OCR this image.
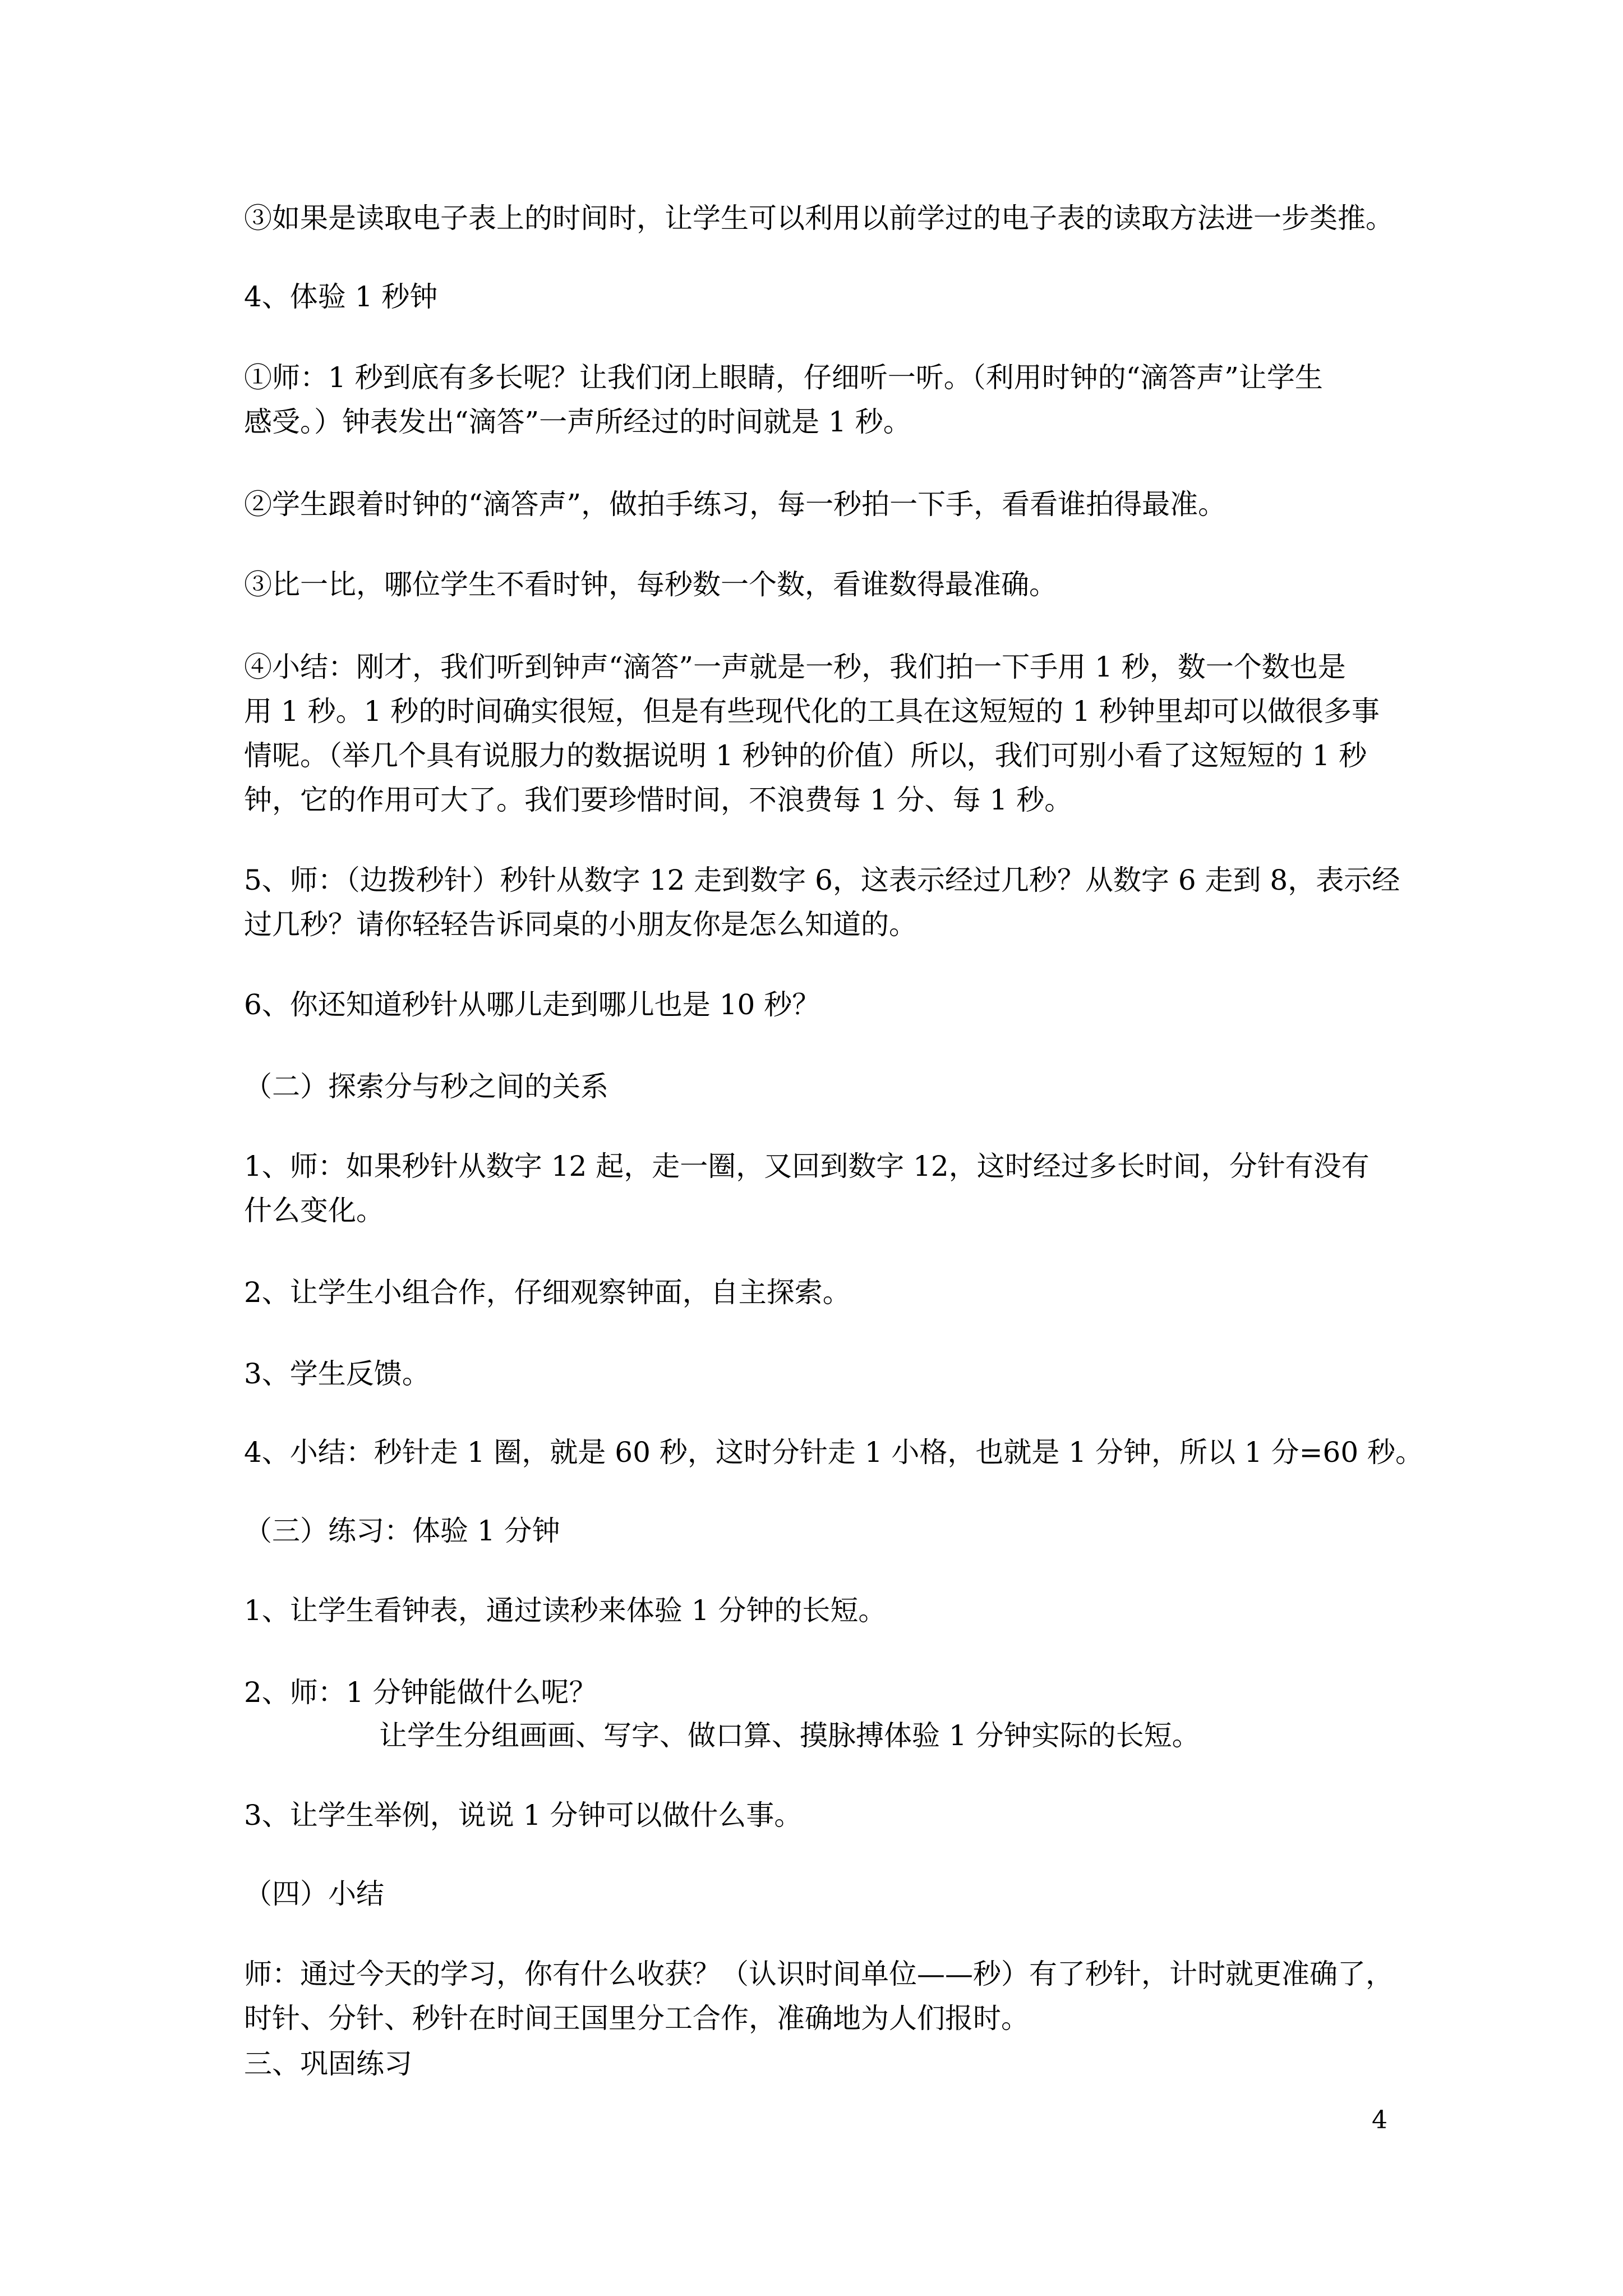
③如果是读取电子表上的时间时，让学生可以利用以前学过的电子表的读取方法进一步类推。

4、体验 1 秒钟

①师：1 秒到底有多长呢？让我们闭上眼睛，仔细听一听。（利用时钟的“滴答声”让学生
感受。）钟表发出“滴答”一声所经过的时间就是 1 秒。

②学生跟着时钟的“滴答声”，做拍手练习，每一秒拍一下手，看看谁拍得最准。

③比一比，哪位学生不看时钟，每秒数一个数，看谁数得最准确。

④小结：刚才，我们听到钟声“滴答”一声就是一秒，我们拍一下手用 1 秒，数一个数也是
用 1 秒。1 秒的时间确实很短，但是有些现代化的工具在这短短的 1 秒钟里却可以做很多事
情呢。（举几个具有说服力的数据说明 1 秒钟的价值）所以，我们可别小看了这短短的 1 秒
钟，它的作用可大了。我们要珍惜时间，不浪费每 1 分、每 1 秒。

5、师：（边拨秒针）秒针从数字 12 走到数字 6，这表示经过几秒？从数字 6 走到 8，表示经
过几秒？请你轻轻告诉同桌的小朋友你是怎么知道的。

6、你还知道秒针从哪儿走到哪儿也是 10 秒？

（二）探索分与秒之间的关系

1、师：如果秒针从数字 12 起，走一圈，又回到数字 12，这时经过多长时间，分针有没有
什么变化。

2、让学生小组合作，仔细观察钟面，自主探索。

3、学生反馈。

4、小结：秒针走 1 圈，就是 60 秒，这时分针走 1 小格，也就是 1 分钟，所以 1 分=60 秒。

（三）练习：体验 1 分钟

1、让学生看钟表，通过读秒来体验 1 分钟的长短。

2、师：1 分钟能做什么呢？

让学生分组画画、写字、做口算、摸脉搏体验 1 分钟实际的长短。

3、让学生举例，说说 1 分钟可以做什么事。

（四）小结

师：通过今天的学习，你有什么收获？（认识时间单位——秒）有了秒针，计时就更准确了，
时针、分针、秒针在时间王国里分工合作，准确地为人们报时。

三、巩固练习

4
